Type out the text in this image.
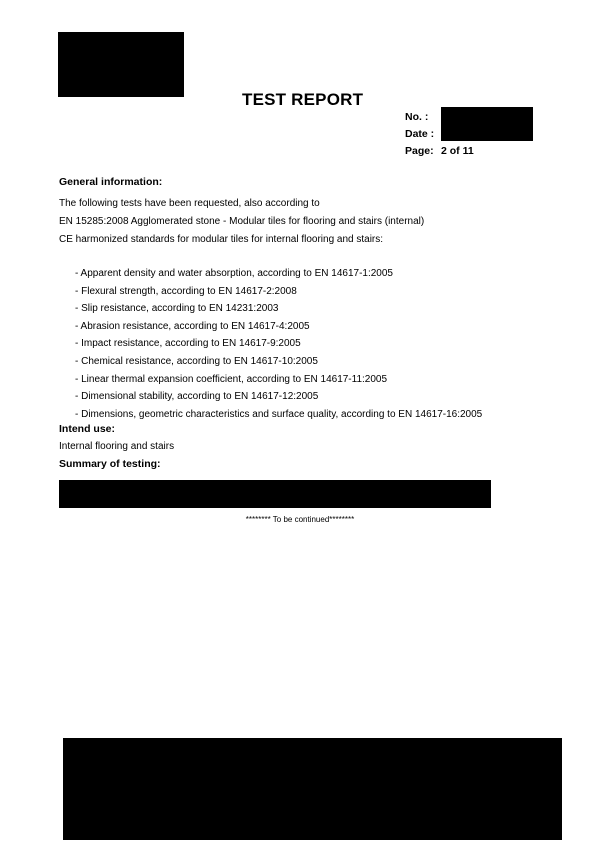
TEST REPORT
No. :
Date :
Page: 2 of 11
General information:
The following tests have been requested, also according to
EN 15285:2008 Agglomerated stone - Modular tiles for flooring and stairs (internal)
CE harmonized standards for modular tiles for internal flooring and stairs:
- Apparent density and water absorption, according to EN 14617-1:2005
- Flexural strength, according to EN 14617-2:2008
- Slip resistance, according to EN 14231:2003
- Abrasion resistance, according to EN 14617-4:2005
- Impact resistance, according to EN 14617-9:2005
- Chemical resistance, according to EN 14617-10:2005
- Linear thermal expansion coefficient, according to EN 14617-11:2005
- Dimensional stability, according to EN 14617-12:2005
- Dimensions, geometric characteristics and surface quality, according to EN 14617-16:2005
Intend use:
Internal flooring and stairs
Summary of testing:
******** To be continued********
